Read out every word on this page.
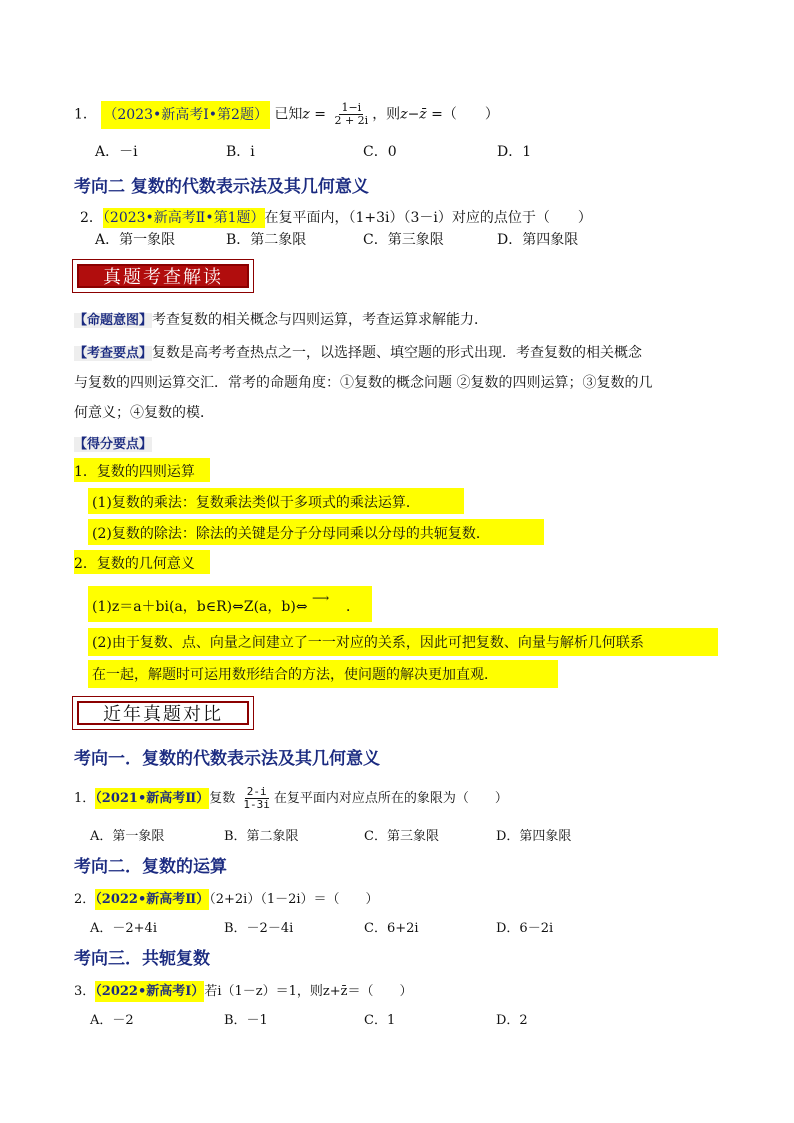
1． （2023•新高考Ⅰ•第2题） 已知$z = \frac{1-i}{2 + 2i}$ ，则z−z̄ =（　　）
A．－i	B．i	C．0	D．1
考向二 复数的代数表示法及其几何意义
2．（2023•新高考Ⅱ•第1题）在复平面内，（1+3i）（3－i）对应的点位于（　　）
A．第一象限	B．第二象限	C．第三象限	D．第四象限
真题考查解读
【命题意图】考查复数的相关概念与四则运算，考查运算求解能力．
【考查要点】复数是高考考查热点之一，以选择题、填空题的形式出现．考查复数的相关概念
与复数的四则运算交汇．常考的命题角度：①复数的概念问题 ②复数的四则运算；③复数的几
何意义；④复数的模．
【得分要点】
1．复数的四则运算
(1)复数的乘法：复数乘法类似于多项式的乘法运算．
(2)复数的除法：除法的关键是分子分母同乘以分母的共轭复数．
2．复数的几何意义
(1)z＝a＋bi(a，b∈R)⇔Z(a，b)⇔
⟶
．
(2)由于复数、点、向量之间建立了一一对应的关系，因此可把复数、向量与解析几何联系
在一起，解题时可运用数形结合的方法，使问题的解决更加直观．
近年真题对比
考向一．复数的代数表示法及其几何意义
1．（2021•新高考Ⅱ）复数 $\frac{2-i}{1-3i}$ 在复平面内对应点所在的象限为（　　）
A．第一象限	B．第二象限	C．第三象限	D．第四象限
考向二．复数的运算
2．（2022•新高考Ⅱ）（2+2i）（1－2i）＝（　　）
A．－2+4i	B．－2－4i	C．6+2i	D．6－2i
考向三．共轭复数
3．（2022•新高考Ⅰ）若i（1－z）＝1，则z+z̄＝（　　）
A．－2	B．－1	C．1	D．2
